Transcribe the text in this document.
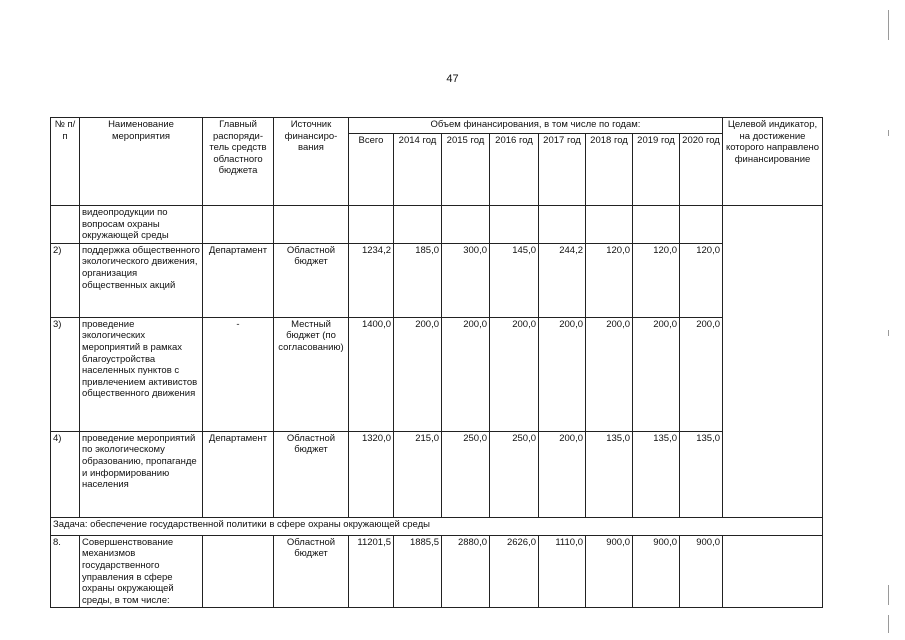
47
№ п/п	Наименование мероприятия	Главный распоряди- тель средств областного бюджета	Источник финансиро- вания	Объем финансирования, в том числе по годам:								Целевой индикатор, на достижение которого направлено финансирование
				Всего	2014 год	2015 год	2016 год	2017 год	2018 год	2019 год	2020 год	
	видеопродукции по вопросам охраны окружающей среды											
2)	поддержка общественного экологического движения, организация общественных акций	Департамент	Областной бюджет	1234,2	185,0	300,0	145,0	244,2	120,0	120,0	120,0	
3)	проведение экологических мероприятий в рамках благоустройства населенных пунктов с привлечением активистов общественного движения	-	Местный бюджет (по согласованию)	1400,0	200,0	200,0	200,0	200,0	200,0	200,0	200,0	
4)	проведение мероприятий по экологическому образованию, пропаганде и информированию населения	Департамент	Областной бюджет	1320,0	215,0	250,0	250,0	200,0	135,0	135,0	135,0	
Задача: обеспечение государственной политики в сфере охраны окружающей среды												
8.	Совершенствование механизмов государственного управления в сфере охраны окружающей среды, в том числе:		Областной бюджет	11201,5	1885,5	2880,0	2626,0	1110,0	900,0	900,0	900,0	
